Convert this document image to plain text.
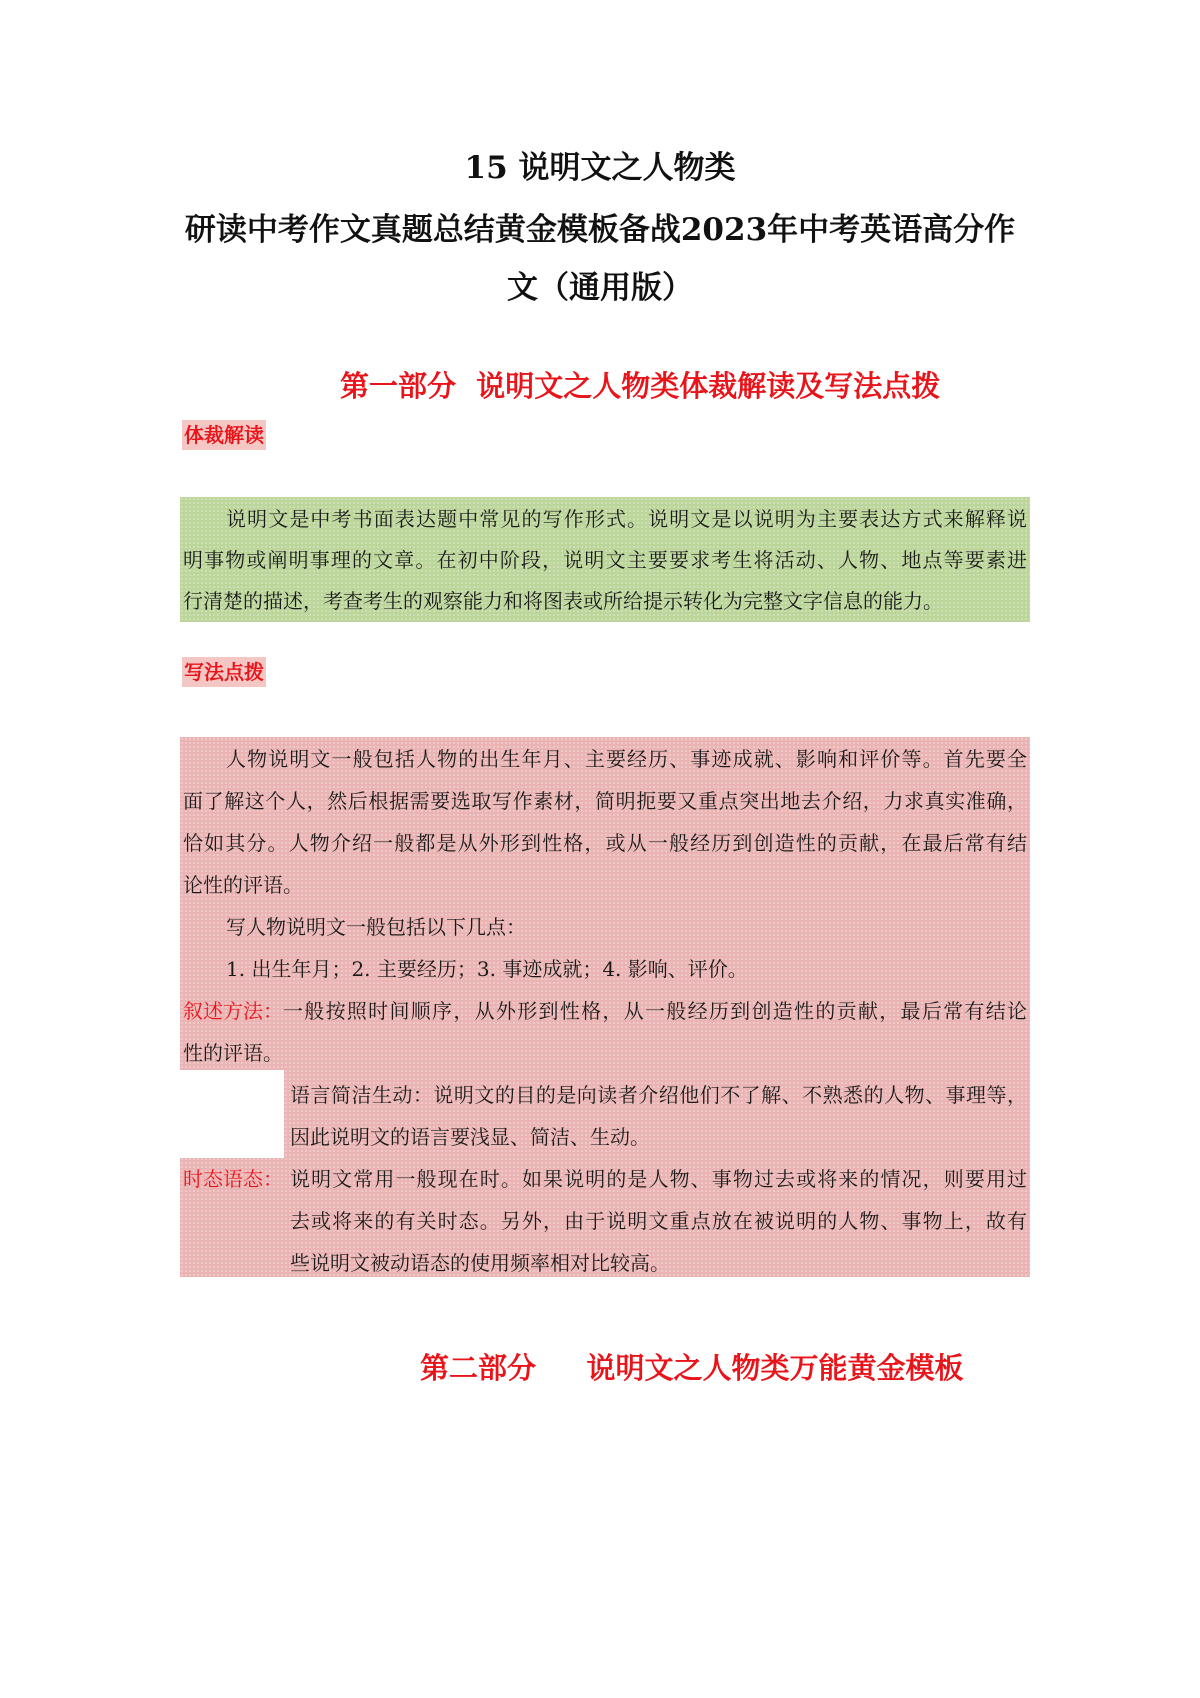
15 说明文之人物类
研读中考作文真题总结黄金模板备战2023年中考英语高分作
文（通用版）
第一部分  说明文之人物类体裁解读及写法点拨
体裁解读
说明文是中考书面表达题中常见的写作形式。说明文是以说明为主要表达方式来解释说
明事物或阐明事理的文章。在初中阶段，说明文主要要求考生将活动、人物、地点等要素进
行清楚的描述，考查考生的观察能力和将图表或所给提示转化为完整文字信息的能力。
写法点拨
人物说明文一般包括人物的出生年月、主要经历、事迹成就、影响和评价等。首先要全
面了解这个人，然后根据需要选取写作素材，简明扼要又重点突出地去介绍，力求真实准确，
恰如其分。人物介绍一般都是从外形到性格，或从一般经历到创造性的贡献，在最后常有结
论性的评语。
写人物说明文一般包括以下几点：
1. 出生年月；2. 主要经历；3. 事迹成就；4. 影响、评价。
叙述方法： 一般按照时间顺序，从外形到性格，从一般经历到创造性的贡献，最后常有结论
性的评语。
语言简洁生动：说明文的目的是向读者介绍他们不了解、不熟悉的人物、事理等，
因此说明文的语言要浅显、简洁、生动。
时态语态： 说明文常用一般现在时。如果说明的是人物、事物过去或将来的情况，则要用过
去或将来的有关时态。另外，由于说明文重点放在被说明的人物、事物上，故有
些说明文被动语态的使用频率相对比较高。
第二部分     说明文之人物类万能黄金模板
